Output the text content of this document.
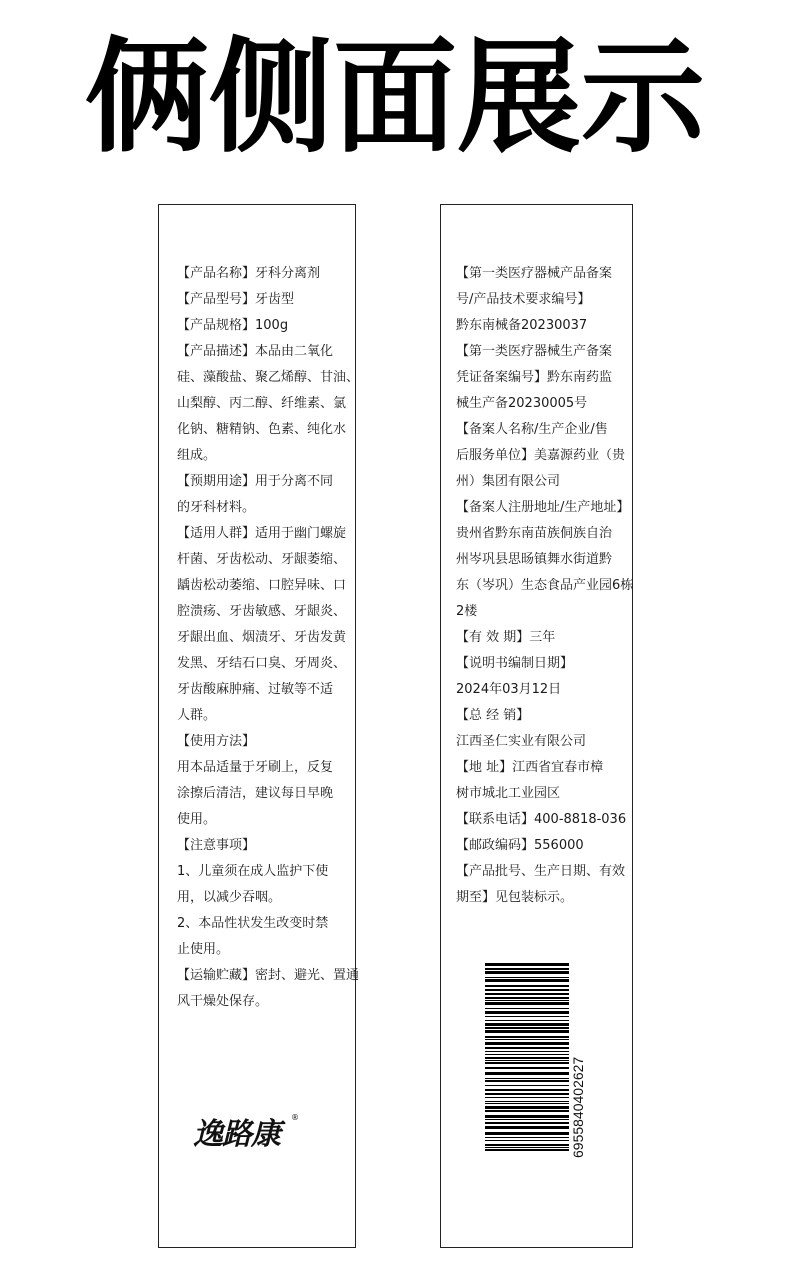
俩侧面展示
【产品名称】牙科分离剂
【产品型号】牙齿型
【产品规格】100g
【产品描述】本品由二氧化
硅、藻酸盐、聚乙烯醇、甘油、
山梨醇、丙二醇、纤维素、氯
化钠、糖精钠、色素、纯化水
组成。
【预期用途】用于分离不同
的牙科材料。
【适用人群】适用于幽门螺旋
杆菌、牙齿松动、牙龈萎缩、
龋齿松动萎缩、口腔异味、口
腔溃疡、牙齿敏感、牙龈炎、
牙龈出血、烟渍牙、牙齿发黄
发黑、牙结石口臭、牙周炎、
牙齿酸麻肿痛、过敏等不适
人群。
【使用方法】
用本品适量于牙刷上，反复
涂擦后清洁，建议每日早晚
使用。
【注意事项】
1、儿童须在成人监护下使
用，以减少吞咽。
2、本品性状发生改变时禁
止使用。
【运输贮藏】密封、避光、置通
风干燥处保存。
逸路康 ®
【第一类医疗器械产品备案
号/产品技术要求编号】
黔东南械备20230037
【第一类医疗器械生产备案
凭证备案编号】黔东南药监
械生产备20230005号
【备案人名称/生产企业/售
后服务单位】美嘉源药业（贵
州）集团有限公司
【备案人注册地址/生产地址】
贵州省黔东南苗族侗族自治
州岑巩县思旸镇舞水街道黔
东（岑巩）生态食品产业园6栋
2楼
【有 效 期】三年
【说明书编制日期】
2024年03月12日
【总 经 销】
江西圣仁实业有限公司
【地 址】江西省宜春市樟
树市城北工业园区
【联系电话】400-8818-036
【邮政编码】556000
【产品批号、生产日期、有效
期至】见包装标示。
6955840402627
